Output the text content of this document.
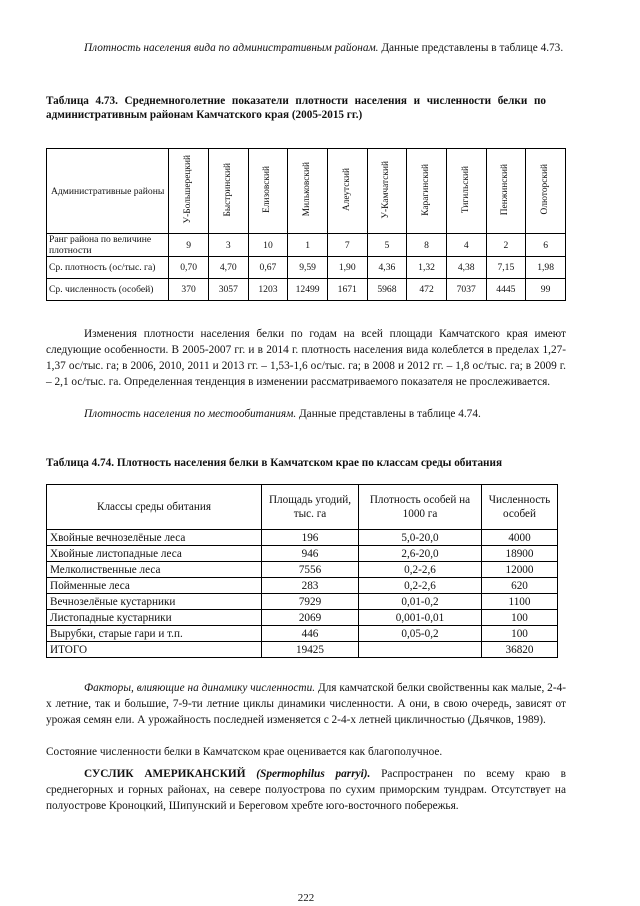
Плотность населения вида по административным районам. Данные представлены в таблице 4.73.

Таблица 4.73. Среднемноголетние показатели плотности населения и численности белки по административным районам Камчатского края (2005-2015 гг.)

Административные районы	У-Большерецкий	Быстринский	Елизовский	Мильковский	Алеутский	У-Камчатский	Карагинский	Тигильский	Пенжинский	Олюторский
Ранг района по величине плотности	9	3	10	1	7	5	8	4	2	6
Ср. плотность (ос/тыс. га)	0,70	4,70	0,67	9,59	1,90	4,36	1,32	4,38	7,15	1,98
Ср. численность (особей)	370	3057	1203	12499	1671	5968	472	7037	4445	99

Изменения плотности населения белки по годам на всей площади Камчатского края имеют следующие особенности. В 2005-2007 гг. и в 2014 г. плотность населения вида колеблется в пределах 1,27-1,37 ос/тыс. га; в 2006, 2010, 2011 и 2013 гг. – 1,53-1,6 ос/тыс. га; в 2008 и 2012 гг. – 1,8 ос/тыс. га; в 2009 г. – 2,1 ос/тыс. га. Определенная тенденция в изменении рассматриваемого показателя не прослеживается.

Плотность населения по местообитаниям. Данные представлены в таблице 4.74.

Таблица 4.74. Плотность населения белки в Камчатском крае по классам среды обитания

Классы среды обитания	Площадь угодий, тыс. га	Плотность особей на 1000 га	Численность особей
Хвойные вечнозелёные леса	196	5,0-20,0	4000
Хвойные листопадные леса	946	2,6-20,0	18900
Мелколиственные леса	7556	0,2-2,6	12000
Пойменные леса	283	0,2-2,6	620
Вечнозелёные кустарники	7929	0,01-0,2	1100
Листопадные кустарники	2069	0,001-0,01	100
Вырубки, старые гари и т.п.	446	0,05-0,2	100
ИТОГО	19425		36820

Факторы, влияющие на динамику численности. Для камчатской белки свойственны как малые, 2-4-х летние, так и большие, 7-9-ти летние циклы динамики численности. А они, в свою очередь, зависят от урожая семян ели. А урожайность последней изменяется с 2-4-х летней цикличностью (Дьячков, 1989).

Состояние численности белки в Камчатском крае оценивается как благополучное.

СУСЛИК АМЕРИКАНСКИЙ (Spermophilus parryi). Распространен по всему краю в среднегорных и горных районах, на севере полуострова по сухим приморским тундрам. Отсутствует на полуострове Кроноцкий, Шипунский и Береговом хребте юго-восточного побережья.

222
